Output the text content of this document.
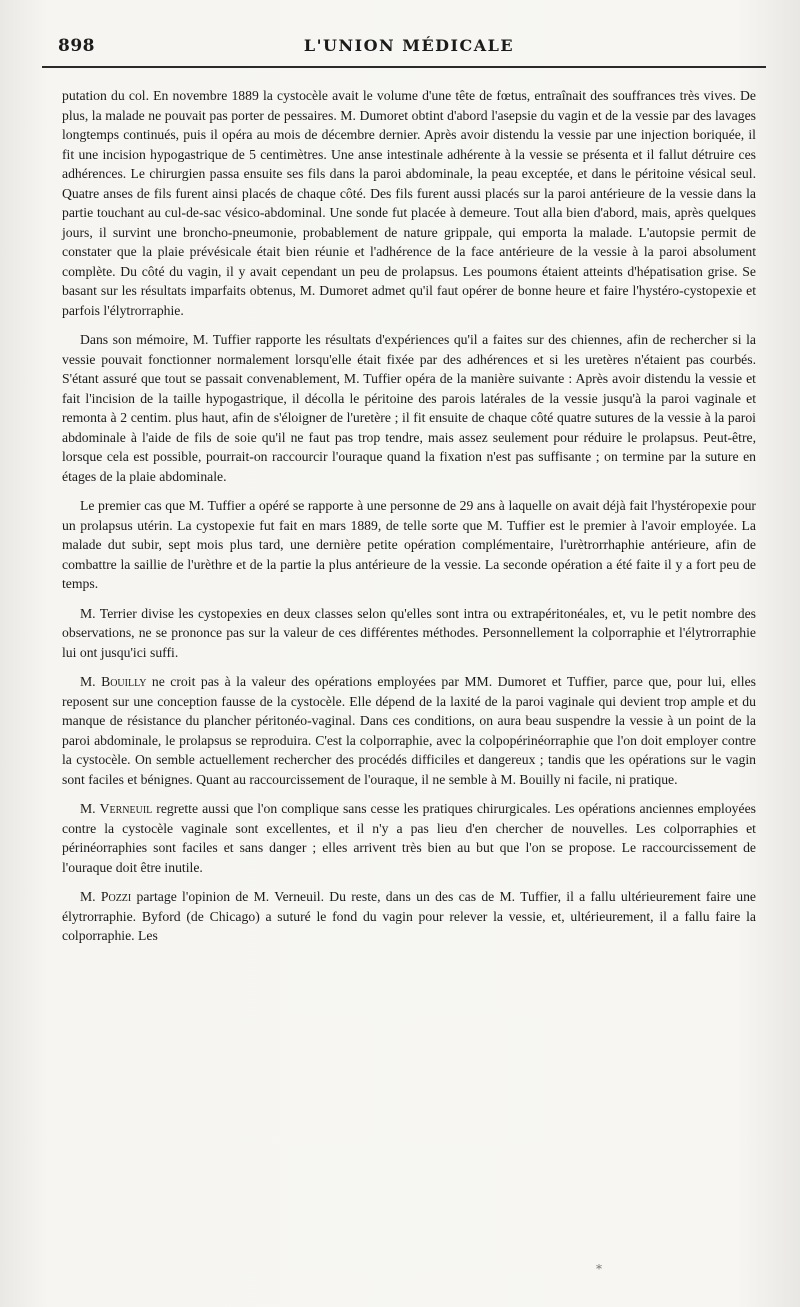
898	L'UNION MÉDICALE

putation du col. En novembre 1889 la cystocèle avait le volume d'une tête de fœtus, entraînait des souffrances très vives. De plus, la malade ne pouvait pas porter de pessaires. M. Dumoret obtint d'abord l'asepsie du vagin et de la vessie par des lavages longtemps continués, puis il opéra au mois de décembre dernier. Après avoir distendu la vessie par une injection boriquée, il fit une incision hypogastrique de 5 centimètres. Une anse intestinale adhérente à la vessie se présenta et il fallut détruire ces adhérences. Le chirurgien passa ensuite ses fils dans la paroi abdominale, la peau exceptée, et dans le péritoine vésical seul. Quatre anses de fils furent ainsi placés de chaque côté. Des fils furent aussi placés sur la paroi antérieure de la vessie dans la partie touchant au cul-de-sac vésico-abdominal. Une sonde fut placée à demeure. Tout alla bien d'abord, mais, après quelques jours, il survint une broncho-pneumonie, probablement de nature grippale, qui emporta la malade. L'autopsie permit de constater que la plaie prévésicale était bien réunie et l'adhérence de la face antérieure de la vessie à la paroi absolument complète. Du côté du vagin, il y avait cependant un peu de prolapsus. Les poumons étaient atteints d'hépatisation grise. Se basant sur les résultats imparfaits obtenus, M. Dumoret admet qu'il faut opérer de bonne heure et faire l'hystéro-cystopexie et parfois l'élytrorraphie.

Dans son mémoire, M. Tuffier rapporte les résultats d'expériences qu'il a faites sur des chiennes, afin de rechercher si la vessie pouvait fonctionner normalement lorsqu'elle était fixée par des adhérences et si les uretères n'étaient pas courbés. S'étant assuré que tout se passait convenablement, M. Tuffier opéra de la manière suivante : Après avoir distendu la vessie et fait l'incision de la taille hypogastrique, il décolla le péritoine des parois latérales de la vessie jusqu'à la paroi vaginale et remonta à 2 centim. plus haut, afin de s'éloigner de l'uretère ; il fit ensuite de chaque côté quatre sutures de la vessie à la paroi abdominale à l'aide de fils de soie qu'il ne faut pas trop tendre, mais assez seulement pour réduire le prolapsus. Peut-être, lorsque cela est possible, pourrait-on raccourcir l'ouraque quand la fixation n'est pas suffisante ; on termine par la suture en étages de la plaie abdominale.

Le premier cas que M. Tuffier a opéré se rapporte à une personne de 29 ans à laquelle on avait déjà fait l'hystéropexie pour un prolapsus utérin. La cystopexie fut fait en mars 1889, de telle sorte que M. Tuffier est le premier à l'avoir employée. La malade dut subir, sept mois plus tard, une dernière petite opération complémentaire, l'urètrorrhaphie antérieure, afin de combattre la saillie de l'urèthre et de la partie la plus antérieure de la vessie. La seconde opération a été faite il y a fort peu de temps.

M. Terrier divise les cystopexies en deux classes selon qu'elles sont intra ou extrapéritonéales, et, vu le petit nombre des observations, ne se prononce pas sur la valeur de ces différentes méthodes. Personnellement la colporraphie et l'élytrorraphie lui ont jusqu'ici suffi.

M. Bouilly ne croit pas à la valeur des opérations employées par MM. Dumoret et Tuffier, parce que, pour lui, elles reposent sur une conception fausse de la cystocèle. Elle dépend de la laxité de la paroi vaginale qui devient trop ample et du manque de résistance du plancher péritonéo-vaginal. Dans ces conditions, on aura beau suspendre la vessie à un point de la paroi abdominale, le prolapsus se reproduira. C'est la colporraphie, avec la colpopérinéorraphie que l'on doit employer contre la cystocèle. On semble actuellement rechercher des procédés difficiles et dangereux ; tandis que les opérations sur le vagin sont faciles et bénignes. Quant au raccourcissement de l'ouraque, il ne semble à M. Bouilly ni facile, ni pratique.

M. Verneuil regrette aussi que l'on complique sans cesse les pratiques chirurgicales. Les opérations anciennes employées contre la cystocèle vaginale sont excellentes, et il n'y a pas lieu d'en chercher de nouvelles. Les colporraphies et périnéorraphies sont faciles et sans danger ; elles arrivent très bien au but que l'on se propose. Le raccourcissement de l'ouraque doit être inutile.

M. Pozzi partage l'opinion de M. Verneuil. Du reste, dans un des cas de M. Tuffier, il a fallu ultérieurement faire une élytrorraphie. Byford (de Chicago) a suturé le fond du vagin pour relever la vessie, et, ultérieurement, il a fallu faire la colporraphie. Les

*
